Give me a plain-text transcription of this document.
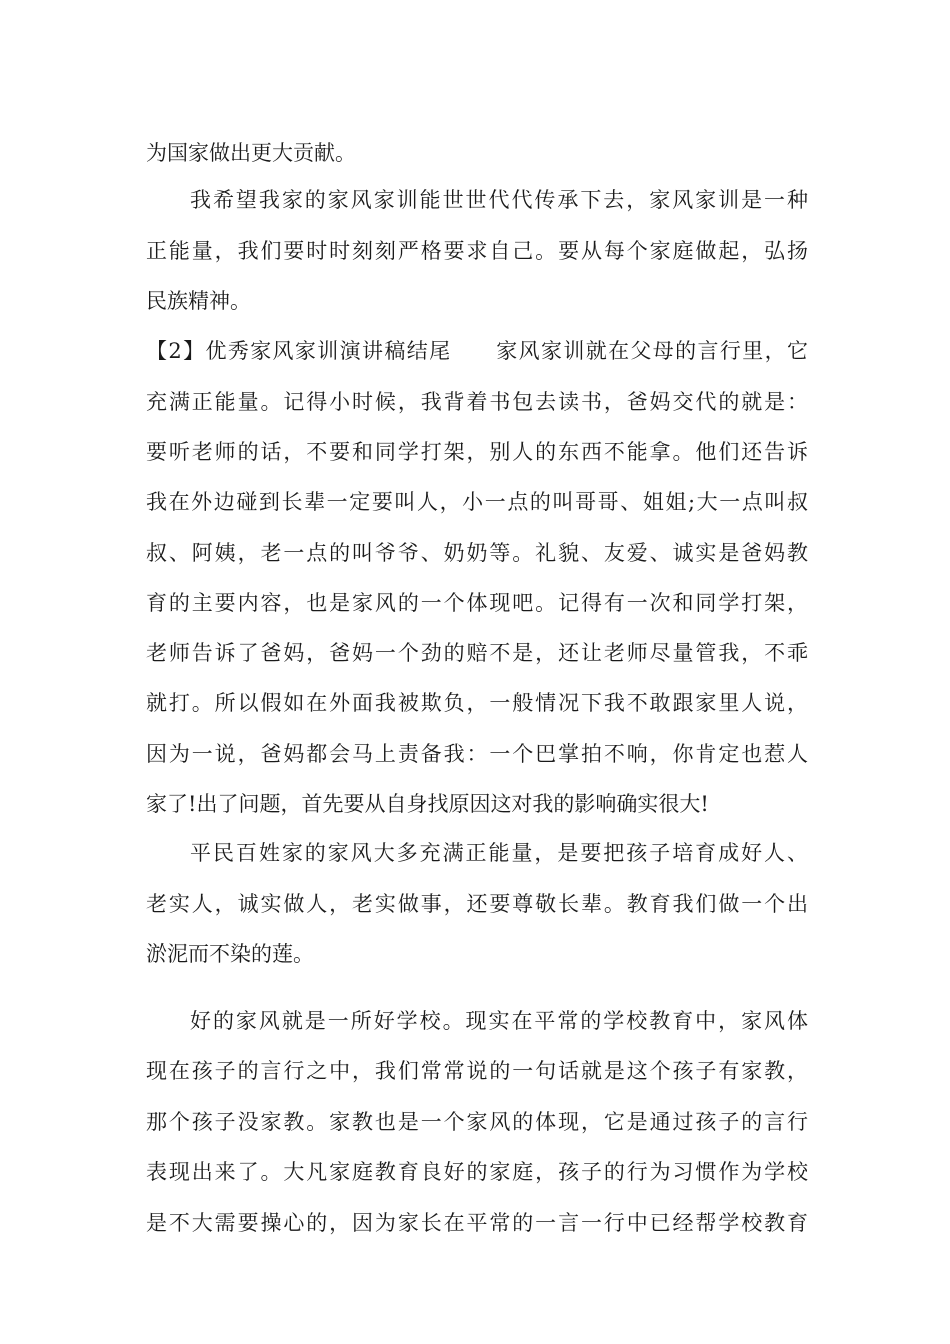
为国家做出更大贡献。
我希望我家的家风家训能世世代代传承下去，家风家训是一种
正能量，我们要时时刻刻严格要求自己。要从每个家庭做起，弘扬
民族精神。
【2】优秀家风家训演讲稿结尾　　家风家训就在父母的言行里，它
充满正能量。记得小时候，我背着书包去读书，爸妈交代的就是：
要听老师的话，不要和同学打架，别人的东西不能拿。他们还告诉
我在外边碰到长辈一定要叫人，小一点的叫哥哥、姐姐;大一点叫叔
叔、阿姨，老一点的叫爷爷、奶奶等。礼貌、友爱、诚实是爸妈教
育的主要内容，也是家风的一个体现吧。记得有一次和同学打架，
老师告诉了爸妈，爸妈一个劲的赔不是，还让老师尽量管我，不乖
就打。所以假如在外面我被欺负，一般情况下我不敢跟家里人说，
因为一说，爸妈都会马上责备我：一个巴掌拍不响，你肯定也惹人
家了!出了问题，首先要从自身找原因这对我的影响确实很大!
平民百姓家的家风大多充满正能量，是要把孩子培育成好人、
老实人，诚实做人，老实做事，还要尊敬长辈。教育我们做一个出
淤泥而不染的莲。
好的家风就是一所好学校。现实在平常的学校教育中，家风体
现在孩子的言行之中，我们常常说的一句话就是这个孩子有家教，
那个孩子没家教。家教也是一个家风的体现，它是通过孩子的言行
表现出来了。大凡家庭教育良好的家庭，孩子的行为习惯作为学校
是不大需要操心的，因为家长在平常的一言一行中已经帮学校教育
